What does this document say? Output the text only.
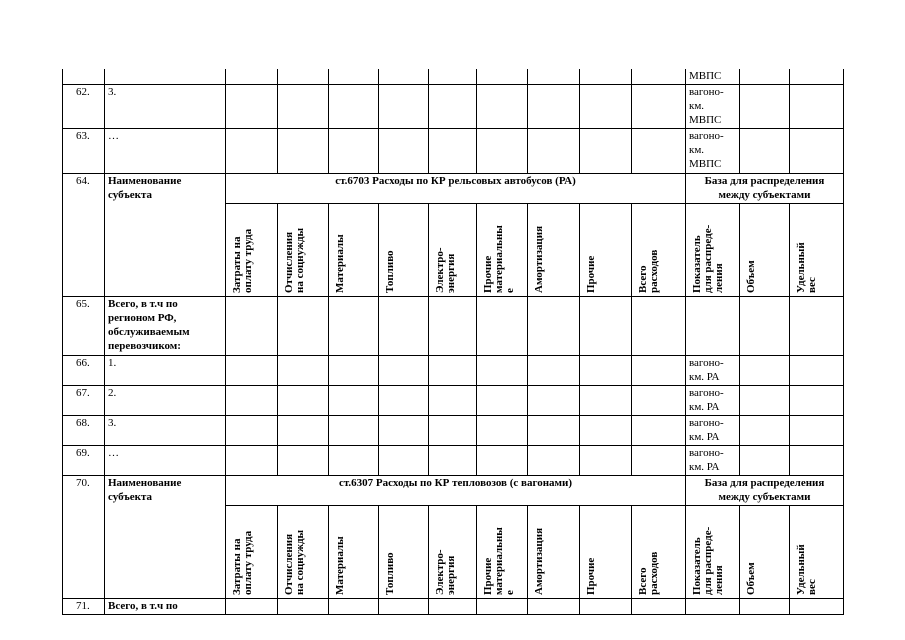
											МВПС		
62.	3.										вагоно-
км.
МВПС		
63.	…										вагоно-
км.
МВПС		
64.	Наименование
субъекта	ст.6703 Расходы по КР рельсовых автобусов (РА)									База для распределения
между субъектами		

		Затраты на
оплату труда	Отчисления
на соцнужды	Материалы	Топливо	Электро-
энергия	Прочие
материальны
е	Амортизация	Прочие	Всего
расходов	Показатель
для распреде-
ления	Объем	Удельный
вес

65.	Всего, в т.ч по
регионом РФ,
обслуживаемым
перевозчиком:												
66.	1.										вагоно-
км. РА		
67.	2.										вагоно-
км. РА		
68.	3.										вагоно-
км. РА		
69.	…										вагоно-
км. РА		
70.	Наименование
субъекта	ст.6307 Расходы по КР тепловозов (с вагонами)									База для распределения
между субъектами		

		Затраты на
оплату труда	Отчисления
на соцнужды	Материалы	Топливо	Электро-
энергия	Прочие
материальны
е	Амортизация	Прочие	Всего
расходов	Показатель
для распреде-
ления	Объем	Удельный
вес

71.	Всего, в т.ч по												
